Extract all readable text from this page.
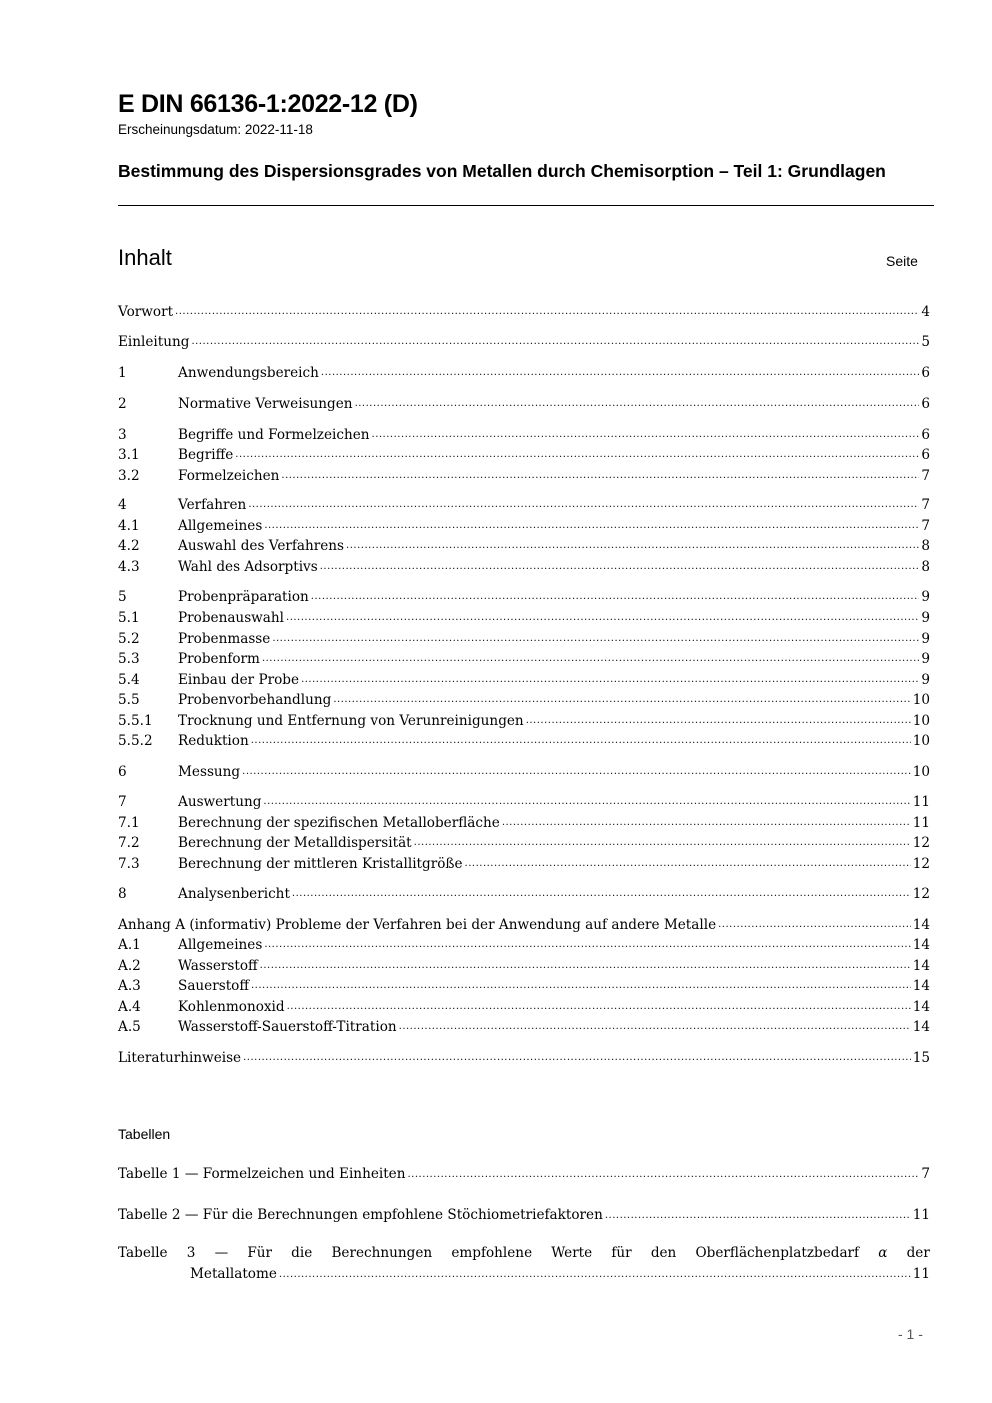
E DIN 66136-1:2022-12 (D)
Erscheinungsdatum: 2022-11-18
Bestimmung des Dispersionsgrades von Metallen durch Chemisorption – Teil 1: Grundlagen
Inhalt	Seite
Vorwort .....	4
Einleitung .....	5
1	Anwendungsbereich .....	6
2	Normative Verweisungen .....	6
3	Begriffe und Formelzeichen .....	6
3.1	Begriffe .....	6
3.2	Formelzeichen .....	7
4	Verfahren .....	7
4.1	Allgemeines .....	7
4.2	Auswahl des Verfahrens .....	8
4.3	Wahl des Adsorptivs .....	8
5	Probenpräparation .....	9
5.1	Probenauswahl .....	9
5.2	Probenmasse .....	9
5.3	Probenform .....	9
5.4	Einbau der Probe .....	9
5.5	Probenvorbehandlung .....	10
5.5.1 Trocknung und Entfernung von Verunreinigungen .....	10
5.5.2 Reduktion .....	10
6	Messung .....	10
7	Auswertung .....	11
7.1	Berechnung der spezifischen Metalloberfläche .....	11
7.2	Berechnung der Metalldispersität .....	12
7.3	Berechnung der mittleren Kristallitgröße .....	12
8	Analysenbericht .....	12
Anhang A (informativ) Probleme der Verfahren bei der Anwendung auf andere Metalle .....	14
A.1	Allgemeines .....	14
A.2	Wasserstoff .....	14
A.3	Sauerstoff .....	14
A.4	Kohlenmonoxid .....	14
A.5	Wasserstoff-Sauerstoff-Titration .....	14
Literaturhinweise .....	15
Tabellen
Tabelle 1 — Formelzeichen und Einheiten .....	7
Tabelle 2 — Für die Berechnungen empfohlene Stöchiometriefaktoren .....	11
Tabelle 3 — Für die Berechnungen empfohlene Werte für den Oberflächenplatzbedarf α der
Metallatome .....	11
- 1 -
